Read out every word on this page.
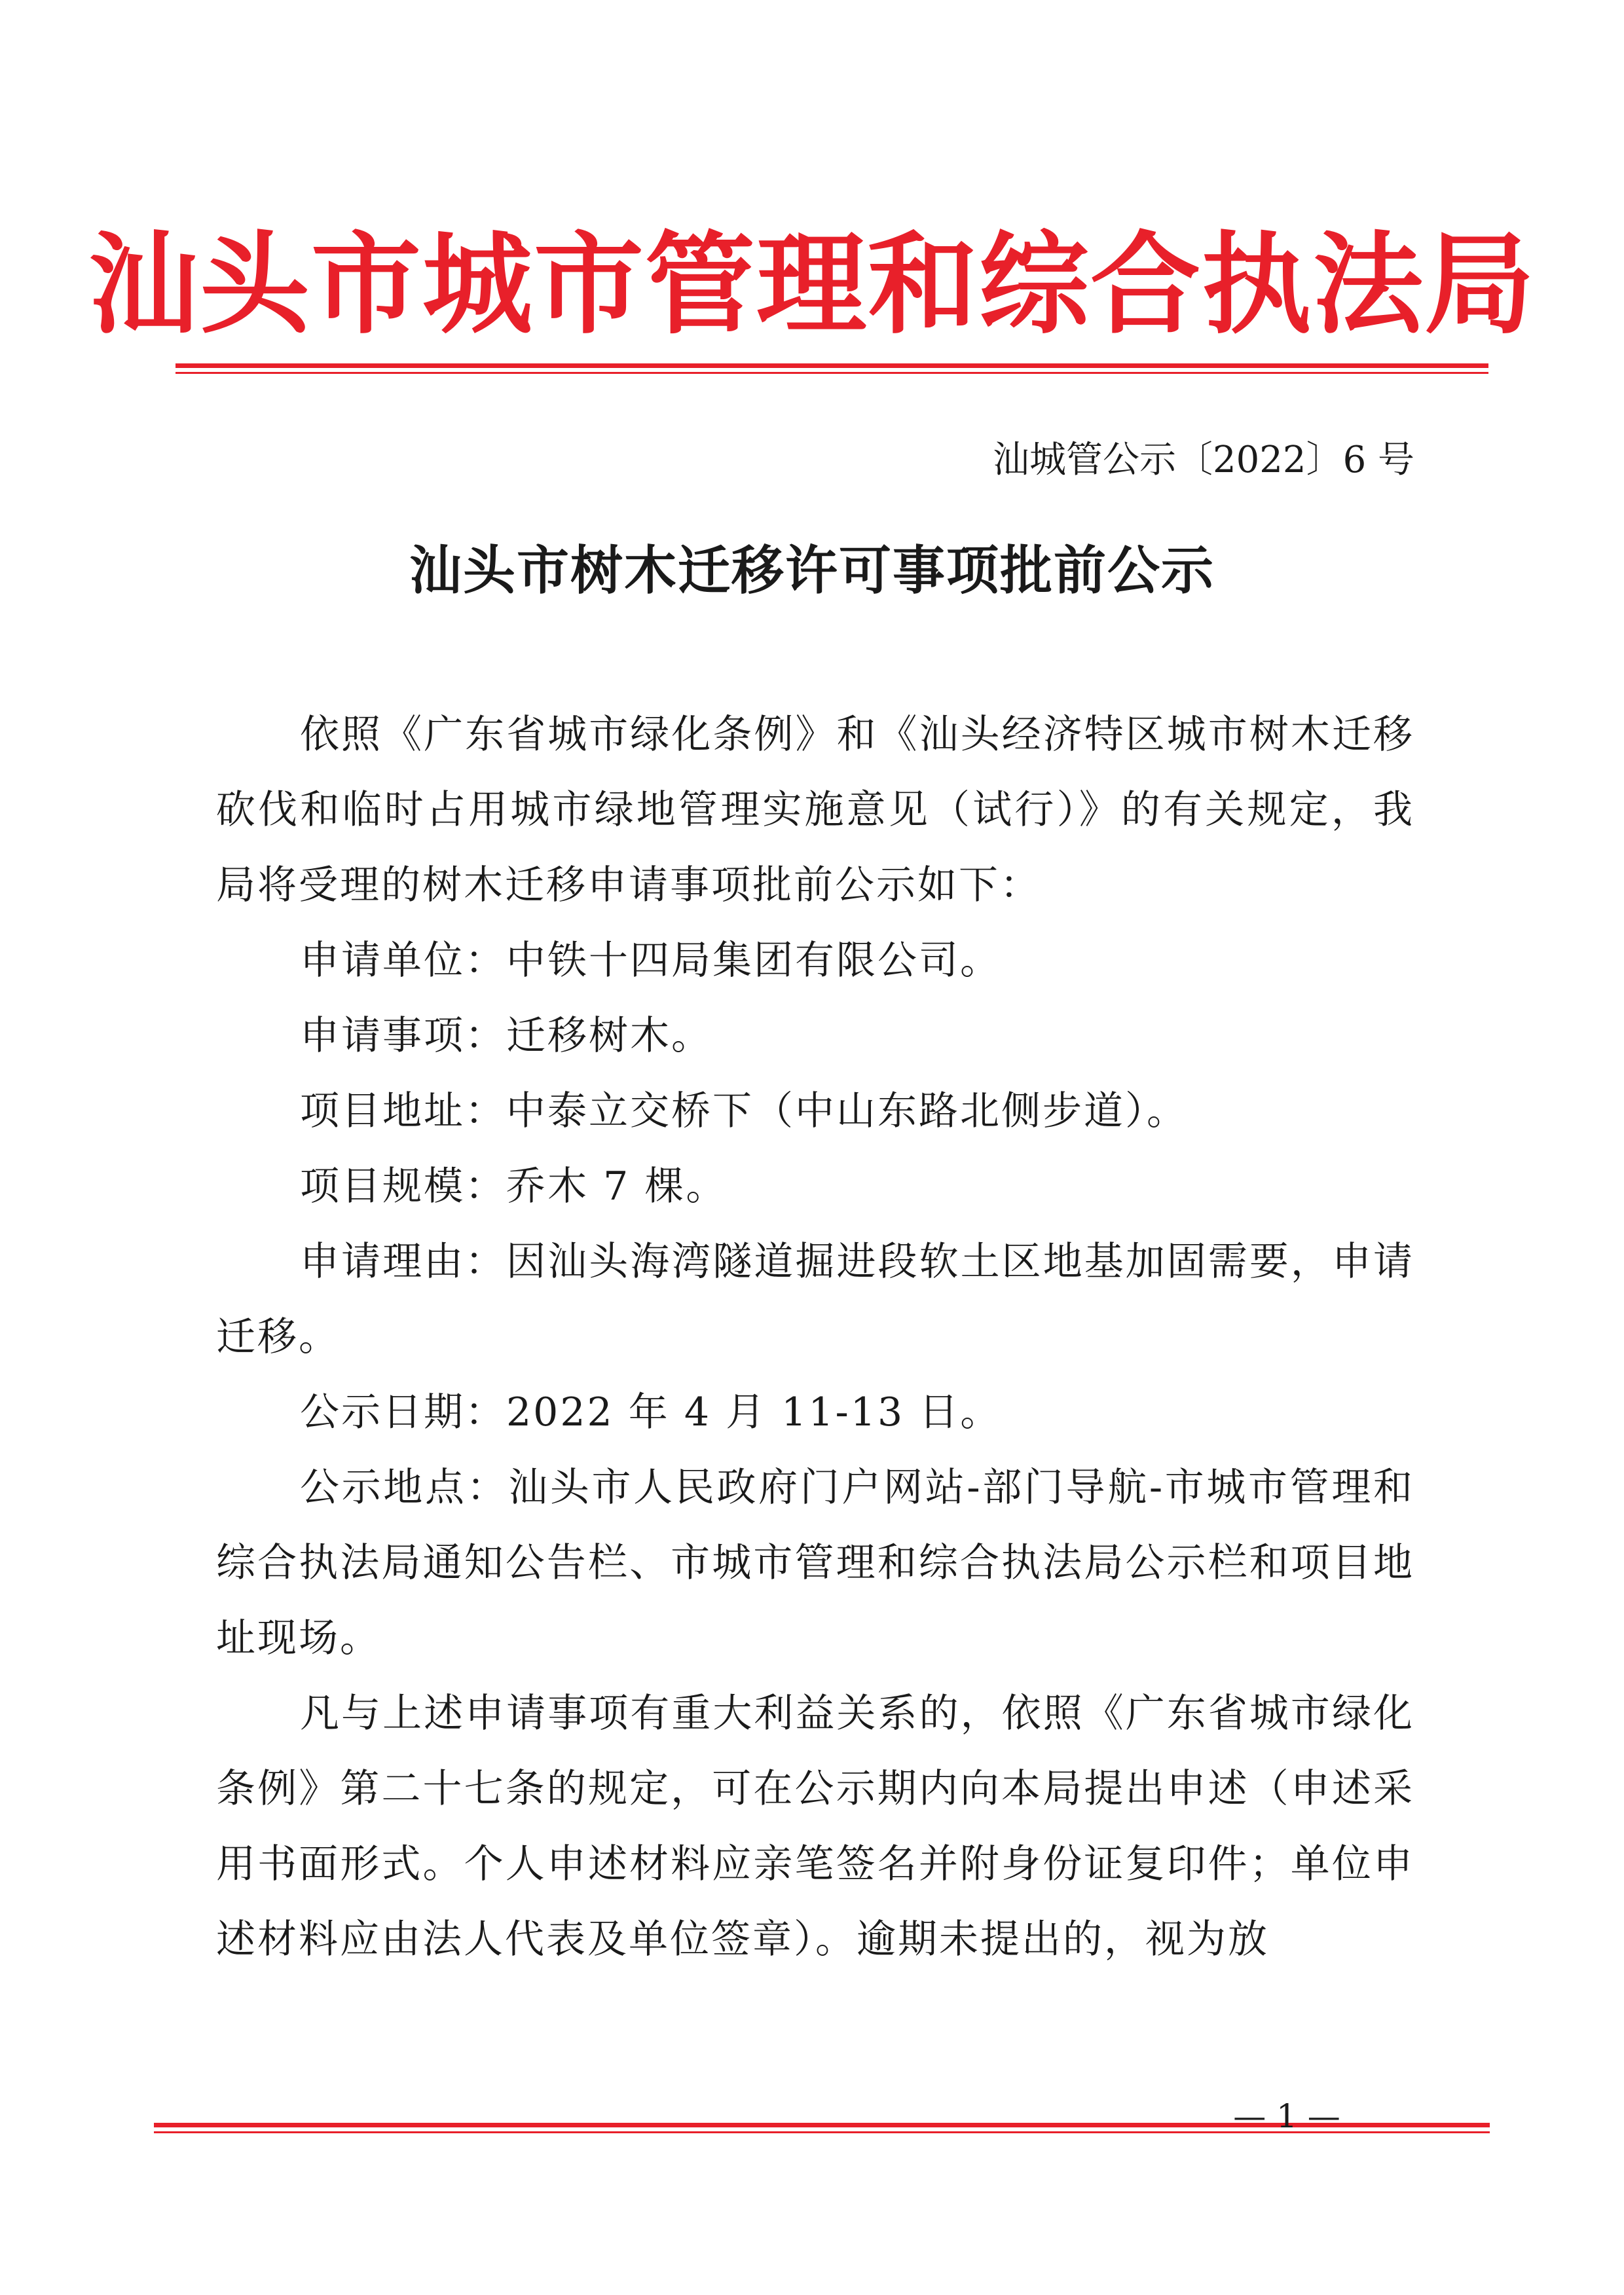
汕头市城市管理和综合执法局
汕城管公示〔2022〕6 号
汕头市树木迁移许可事项批前公示

依照《广东省城市绿化条例》和《汕头经济特区城市树木迁移砍伐和临时占用城市绿地管理实施意见（试行）》的有关规定，我局将受理的树木迁移申请事项批前公示如下：

申请单位：中铁十四局集团有限公司。

申请事项：迁移树木。

项目地址：中泰立交桥下（中山东路北侧步道）。

项目规模：乔木 7 棵。

申请理由：因汕头海湾隧道掘进段软土区地基加固需要，申请迁移。

公示日期：2022 年 4 月 11-13 日。

公示地点：汕头市人民政府门户网站-部门导航-市城市管理和综合执法局通知公告栏、市城市管理和综合执法局公示栏和项目地址现场。

凡与上述申请事项有重大利益关系的，依照《广东省城市绿化条例》第二十七条的规定，可在公示期内向本局提出申述（申述采用书面形式。个人申述材料应亲笔签名并附身份证复印件；单位申述材料应由法人代表及单位签章）。逾期未提出的，视为放

— 1 —
